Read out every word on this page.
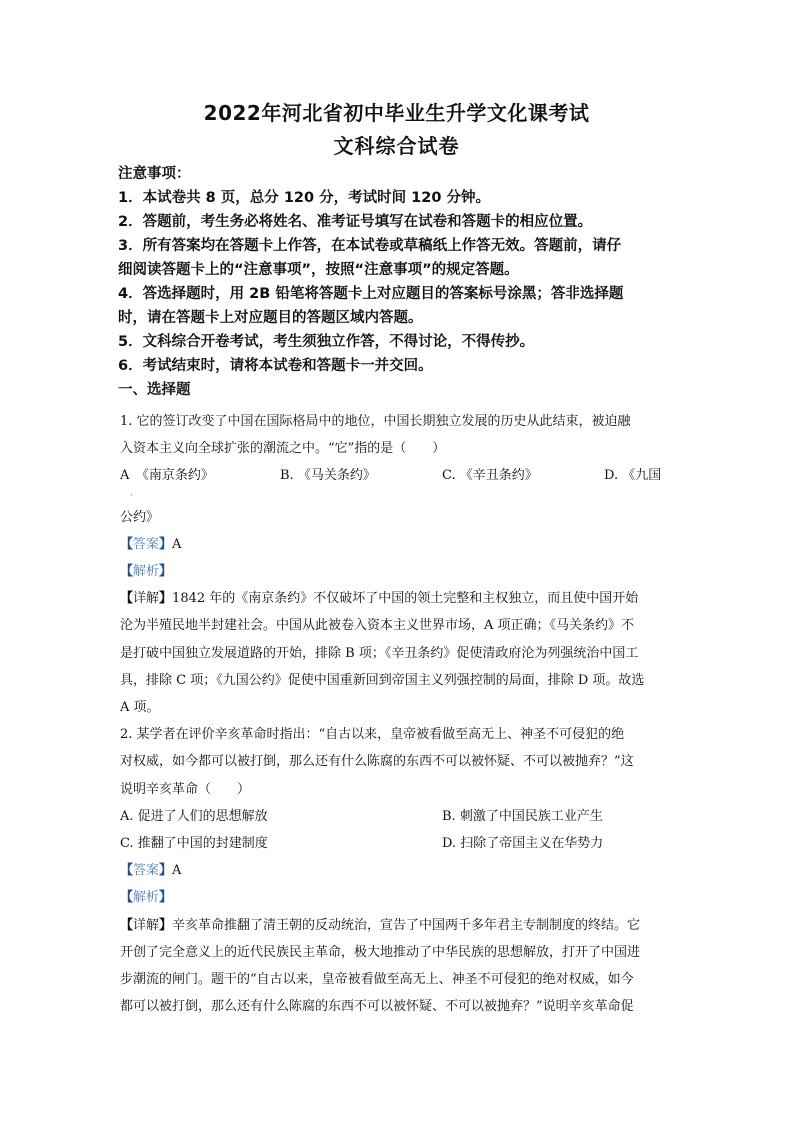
2022年河北省初中毕业生升学文化课考试
文科综合试卷
注意事项：
1．本试卷共 8 页，总分 120 分，考试时间 120 分钟。
2．答题前，考生务必将姓名、准考证号填写在试卷和答题卡的相应位置。
3．所有答案均在答题卡上作答，在本试卷或草稿纸上作答无效。答题前，请仔
细阅读答题卡上的“注意事项”，按照“注意事项”的规定答题。
4．答选择题时，用 2B 铅笔将答题卡上对应题目的答案标号涂黑；答非选择题
时，请在答题卡上对应题目的答题区域内答题。
5．文科综合开卷考试，考生须独立作答，不得讨论，不得传抄。
6．考试结束时，请将本试卷和答题卡一并交回。
一、选择题
1. 它的签订改变了中国在国际格局中的地位，中国长期独立发展的历史从此结束，被迫融
入资本主义向全球扩张的潮流之中。“它”指的是（　　）
A　《南京条约》	B. 《马关条约》	C. 《辛丑条约》	D. 《九国
·
公约》
【答案】A
【解析】
【详解】1842 年的《南京条约》不仅破坏了中国的领土完整和主权独立，而且使中国开始
沦为半殖民地半封建社会。中国从此被卷入资本主义世界市场，A 项正确；《马关条约》不
是打破中国独立发展道路的开始，排除 B 项；《辛丑条约》促使清政府沦为列强统治中国工
具，排除 C 项；《九国公约》促使中国重新回到帝国主义列强控制的局面，排除 D 项。故选
A 项。
2. 某学者在评价辛亥革命时指出：“自古以来，皇帝被看做至高无上、神圣不可侵犯的绝
对权威，如今都可以被打倒，那么还有什么陈腐的东西不可以被怀疑、不可以被抛弃？”这
说明辛亥革命（　　）
A. 促进了人们的思想解放	B. 刺激了中国民族工业产生
C. 推翻了中国的封建制度	D. 扫除了帝国主义在华势力
【答案】A
【解析】
【详解】辛亥革命推翻了清王朝的反动统治，宣告了中国两千多年君主专制制度的终结。它
开创了完全意义上的近代民族民主革命，极大地推动了中华民族的思想解放，打开了中国进
步潮流的闸门。题干的“自古以来，皇帝被看做至高无上、神圣不可侵犯的绝对权威，如今
都可以被打倒，那么还有什么陈腐的东西不可以被怀疑、不可以被抛弃？”说明辛亥革命促
